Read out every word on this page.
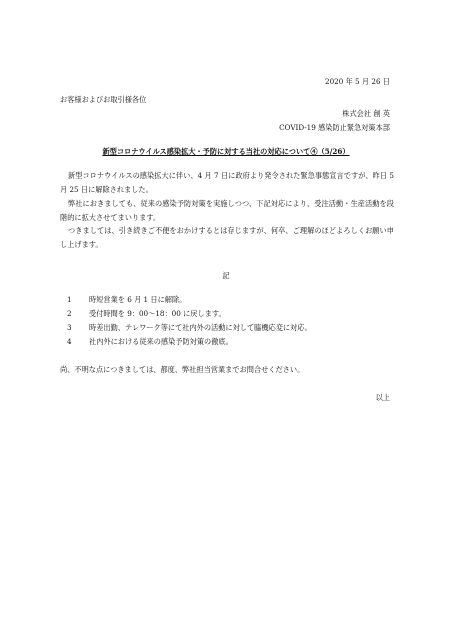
2020 年 5 月 26 日
お客様およびお取引様各位
株式会社 創 英
COVID-19 感染防止緊急対策本部
新型コロナウイルス感染拡大・予防に対する当社の対応について④（5/26）
新型コロナウイルスの感染拡大に伴い、4 月 7 日に政府より発令された緊急事態宣言ですが、昨日 5 月 25 日に解除されました。
弊社におきましても、従来の感染予防対策を実施しつつ、下記対応により、受注活動・生産活動を段階的に拡大させてまいります。
つきましては、引き続きご不便をおかけするとは存じますが、何卒、ご理解のほどよろしくお願い申し上げます。
記
1 時短営業を 6 月 1 日に解除。
2 受付時間を 9：00～18：00 に戻します。
3 時差出勤、テレワーク等にて社内外の活動に対して臨機応変に対応。
4 社内外における従来の感染予防対策の徹底。
尚、不明な点につきましては、都度、弊社担当営業までお問合せください。
以上
